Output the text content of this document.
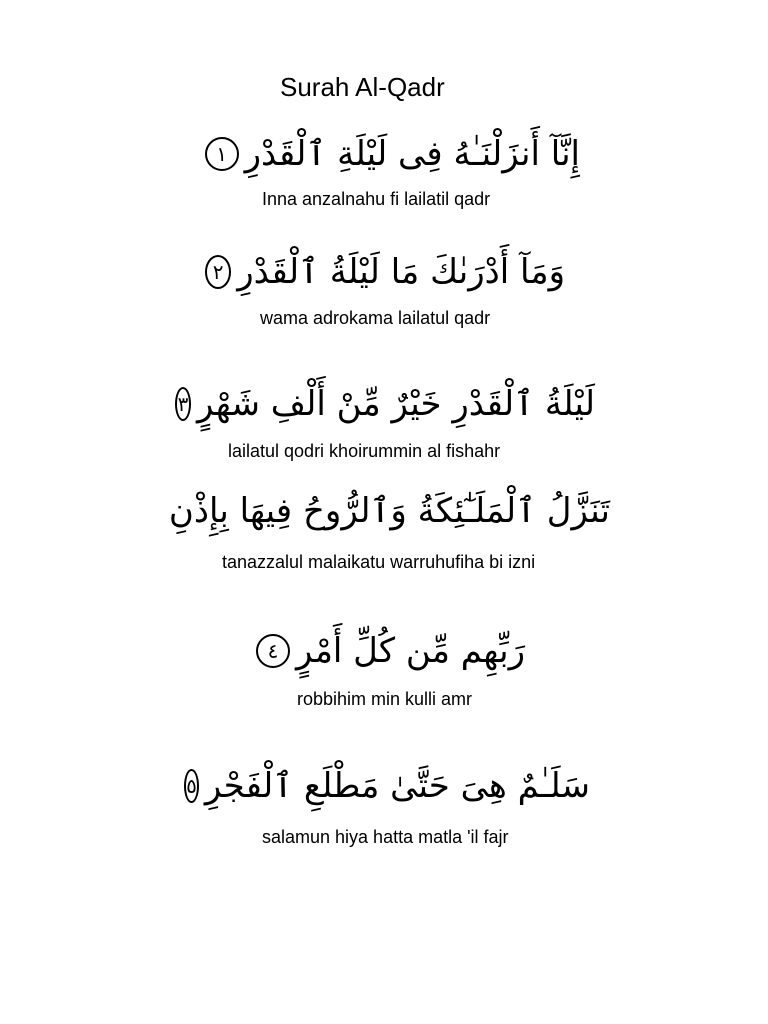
Surah Al-Qadr
إِنَّآ أَنزَلْنَـٰهُ فِى لَيْلَةِ ٱلْقَدْرِ
١
Inna anzalnahu fi lailatil qadr
وَمَآ أَدْرَىٰكَ مَا لَيْلَةُ ٱلْقَدْرِ
٢
wama adrokama lailatul qadr
لَيْلَةُ ٱلْقَدْرِ خَيْرٌ مِّنْ أَلْفِ شَهْرٍ
٣
lailatul qodri khoirummin al fishahr
تَنَزَّلُ ٱلْمَلَـٰٓئِكَةُ وَٱلرُّوحُ فِيهَا بِإِذْنِ
tanazzalul malaikatu warruhufiha bi izni
رَبِّهِم مِّن كُلِّ أَمْرٍ
٤
robbihim min kulli amr
سَلَـٰمٌ هِىَ حَتَّىٰ مَطْلَعِ ٱلْفَجْرِ
٥
salamun hiya hatta matla 'il fajr
